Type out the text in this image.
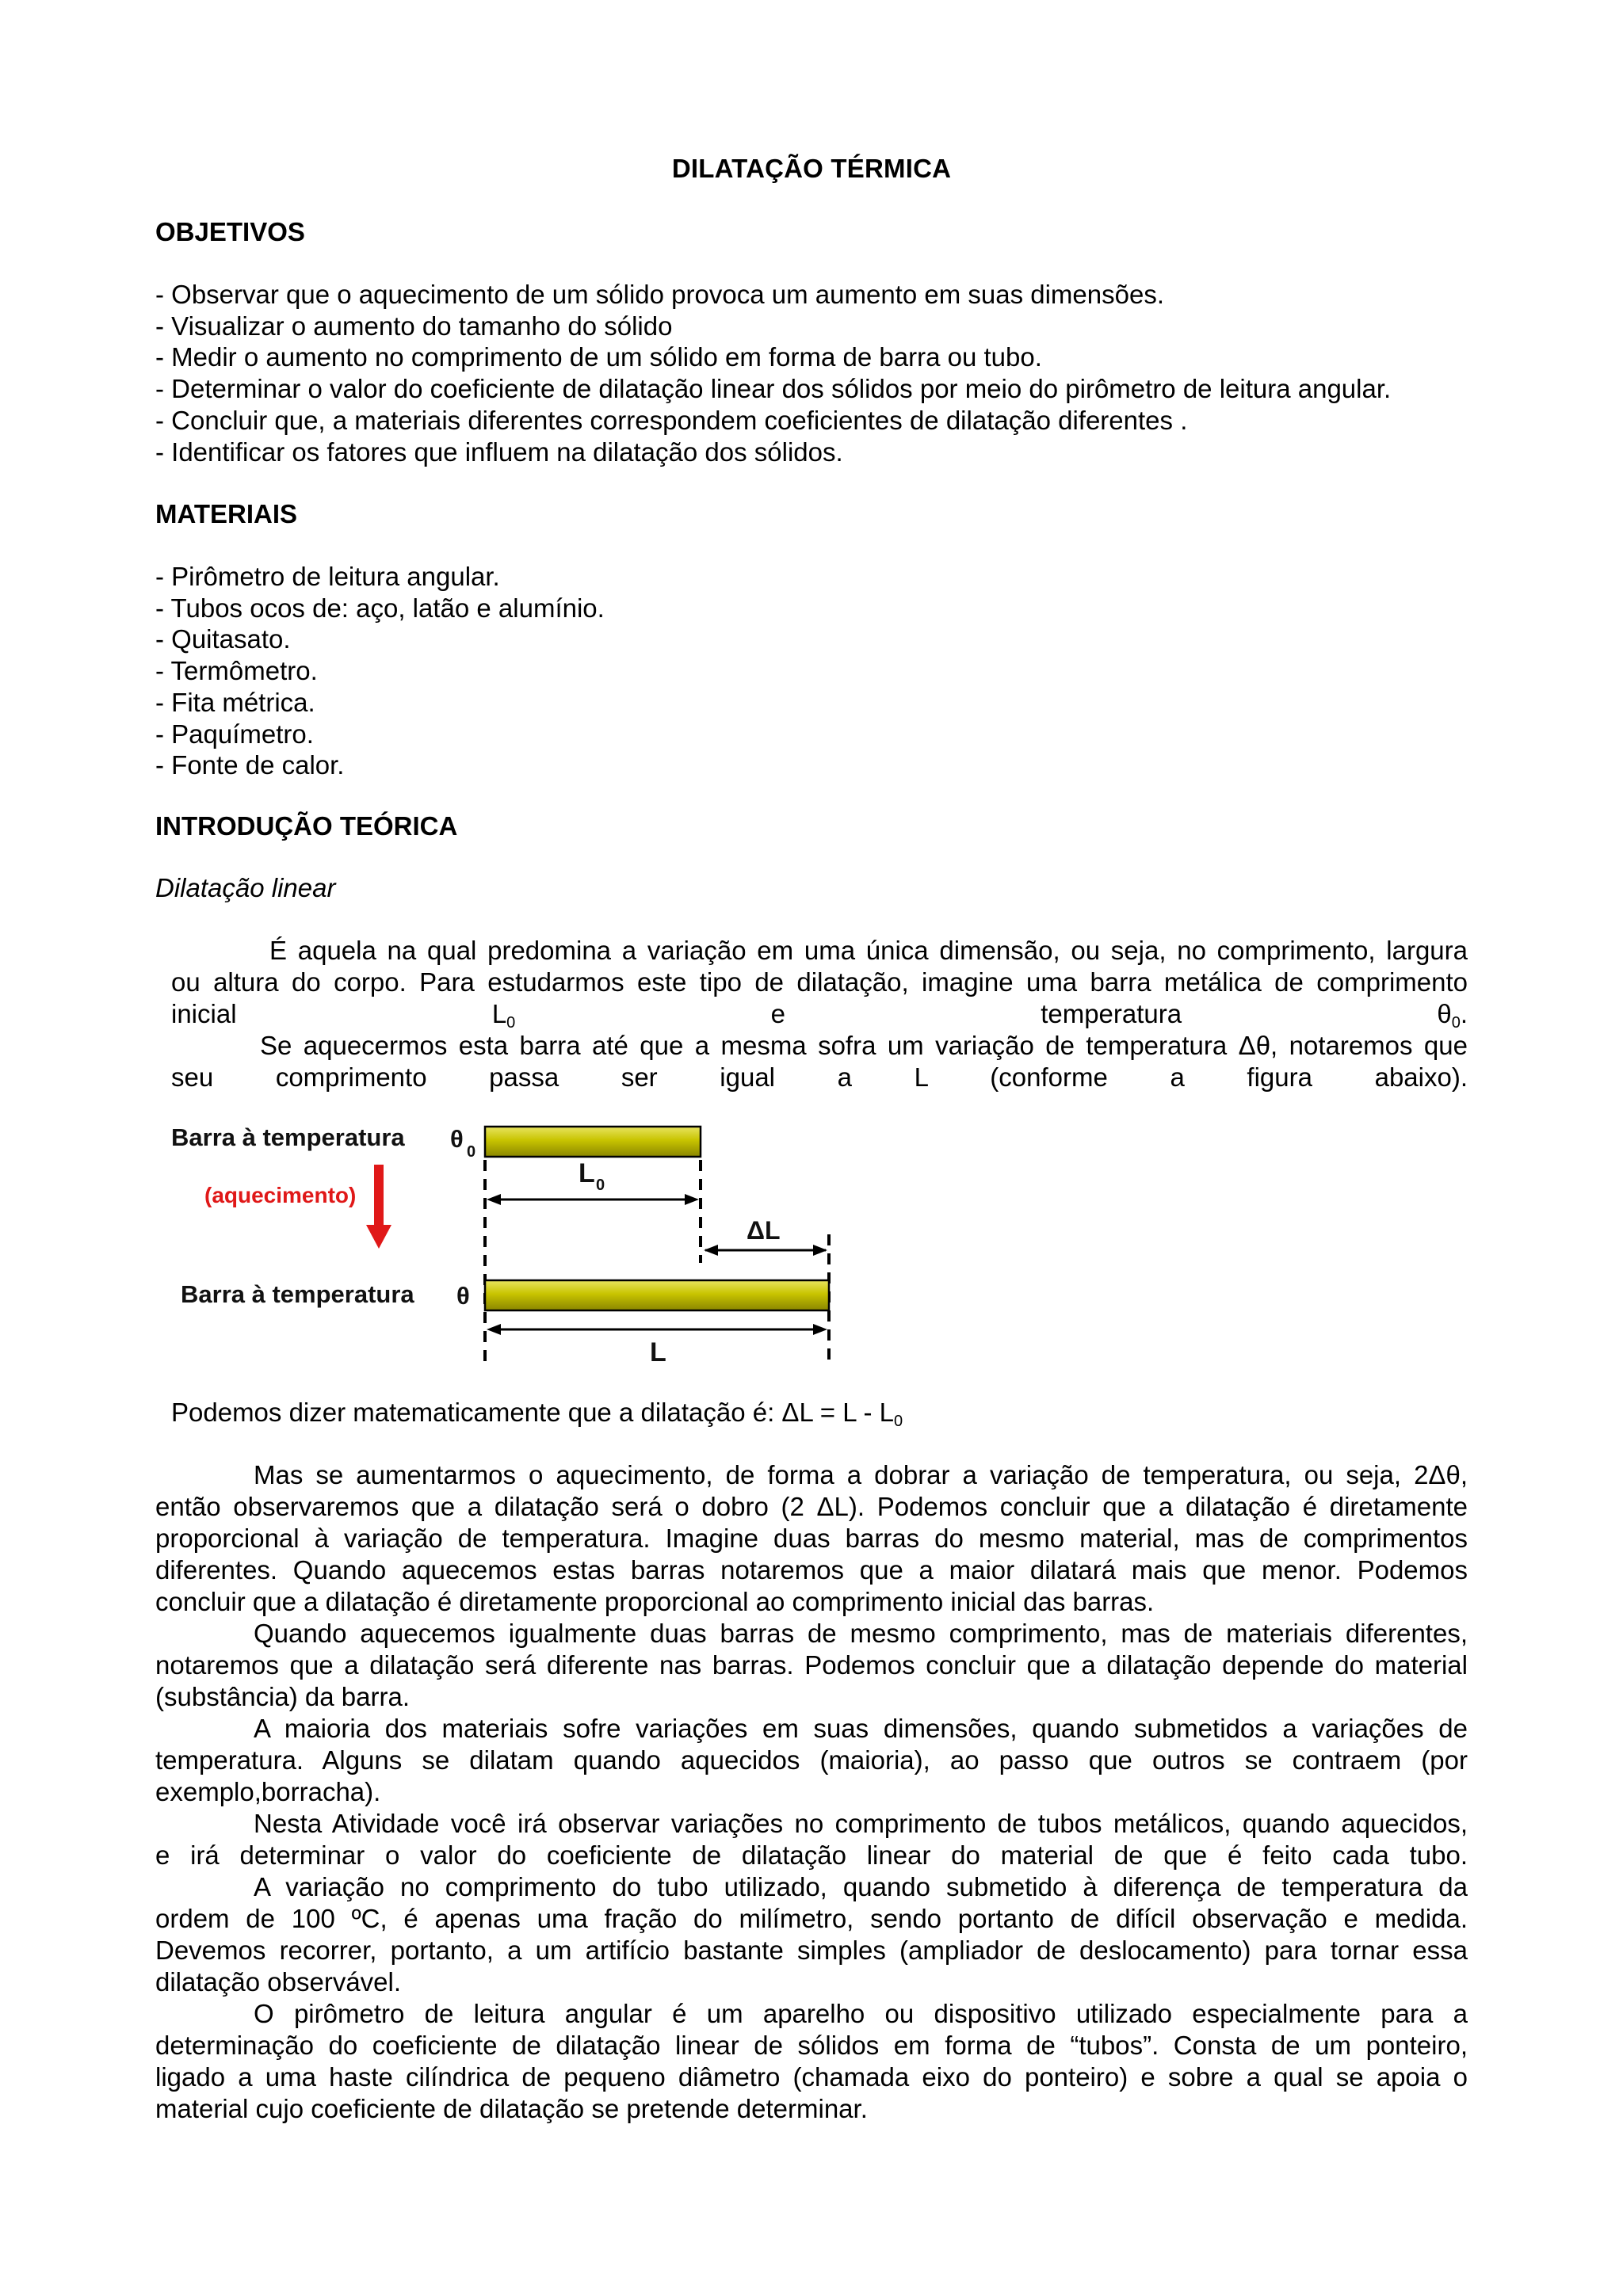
DILATAÇÃO TÉRMICA
OBJETIVOS
- Observar que o aquecimento de um sólido provoca um aumento em suas dimensões.
- Visualizar o aumento do tamanho do sólido
- Medir o aumento no comprimento de um sólido em forma de barra ou tubo.
- Determinar o valor do coeficiente de dilatação linear dos sólidos por meio do pirômetro de leitura angular.
- Concluir que, a materiais diferentes correspondem coeficientes de dilatação diferentes .
- Identificar os fatores que influem na dilatação dos sólidos.
MATERIAIS
- Pirômetro de leitura angular.
- Tubos ocos de: aço, latão e alumínio.
- Quitasato.
- Termômetro.
- Fita métrica.
- Paquímetro.
- Fonte de calor.
INTRODUÇÃO TEÓRICA
Dilatação linear
É aquela na qual predomina a variação em uma única dimensão, ou seja, no comprimento, largura
ou altura do corpo. Para estudarmos este tipo de dilatação, imagine uma barra metálica de comprimento
inicial	$L_0$	e	temperatura	$\theta_0$.
Se aquecermos esta barra até que a mesma sofra um variação de temperatura Δθ, notaremos que
seu comprimento passa ser igual a L (conforme a figura abaixo).
Barra à temperatura θ 0
(aquecimento)
L 0
ΔL
Barra à temperatura θ
L
Podemos dizer matematicamente que a dilatação é: $\Delta L = L - L_0$
Mas se aumentarmos o aquecimento, de forma a dobrar a variação de temperatura, ou seja, 2Δθ,
então observaremos que a dilatação será o dobro (2 ΔL). Podemos concluir que a dilatação é diretamente
proporcional à variação de temperatura. Imagine duas barras do mesmo material, mas de comprimentos
diferentes. Quando aquecemos estas barras notaremos que a maior dilatará mais que menor. Podemos
concluir que a dilatação é diretamente proporcional ao comprimento inicial das barras.
Quando aquecemos igualmente duas barras de mesmo comprimento, mas de materiais diferentes,
notaremos que a dilatação será diferente nas barras. Podemos concluir que a dilatação depende do material
(substância) da barra.
A maioria dos materiais sofre variações em suas dimensões, quando submetidos a variações de
temperatura. Alguns se dilatam quando aquecidos (maioria), ao passo que outros se contraem (por
exemplo,borracha).
Nesta Atividade você irá observar variações no comprimento de tubos metálicos, quando aquecidos,
e irá determinar o valor do coeficiente de dilatação linear do material de que é feito cada tubo.
A variação no comprimento do tubo utilizado, quando submetido à diferença de temperatura da
ordem de 100 ºC, é apenas uma fração do milímetro, sendo portanto de difícil observação e medida.
Devemos recorrer, portanto, a um artifício bastante simples (ampliador de deslocamento) para tornar essa
dilatação observável.
O pirômetro de leitura angular é um aparelho ou dispositivo utilizado especialmente para a
determinação do coeficiente de dilatação linear de sólidos em forma de “tubos”. Consta de um ponteiro,
ligado a uma haste cilíndrica de pequeno diâmetro (chamada eixo do ponteiro) e sobre a qual se apoia o
material cujo coeficiente de dilatação se pretende determinar.
